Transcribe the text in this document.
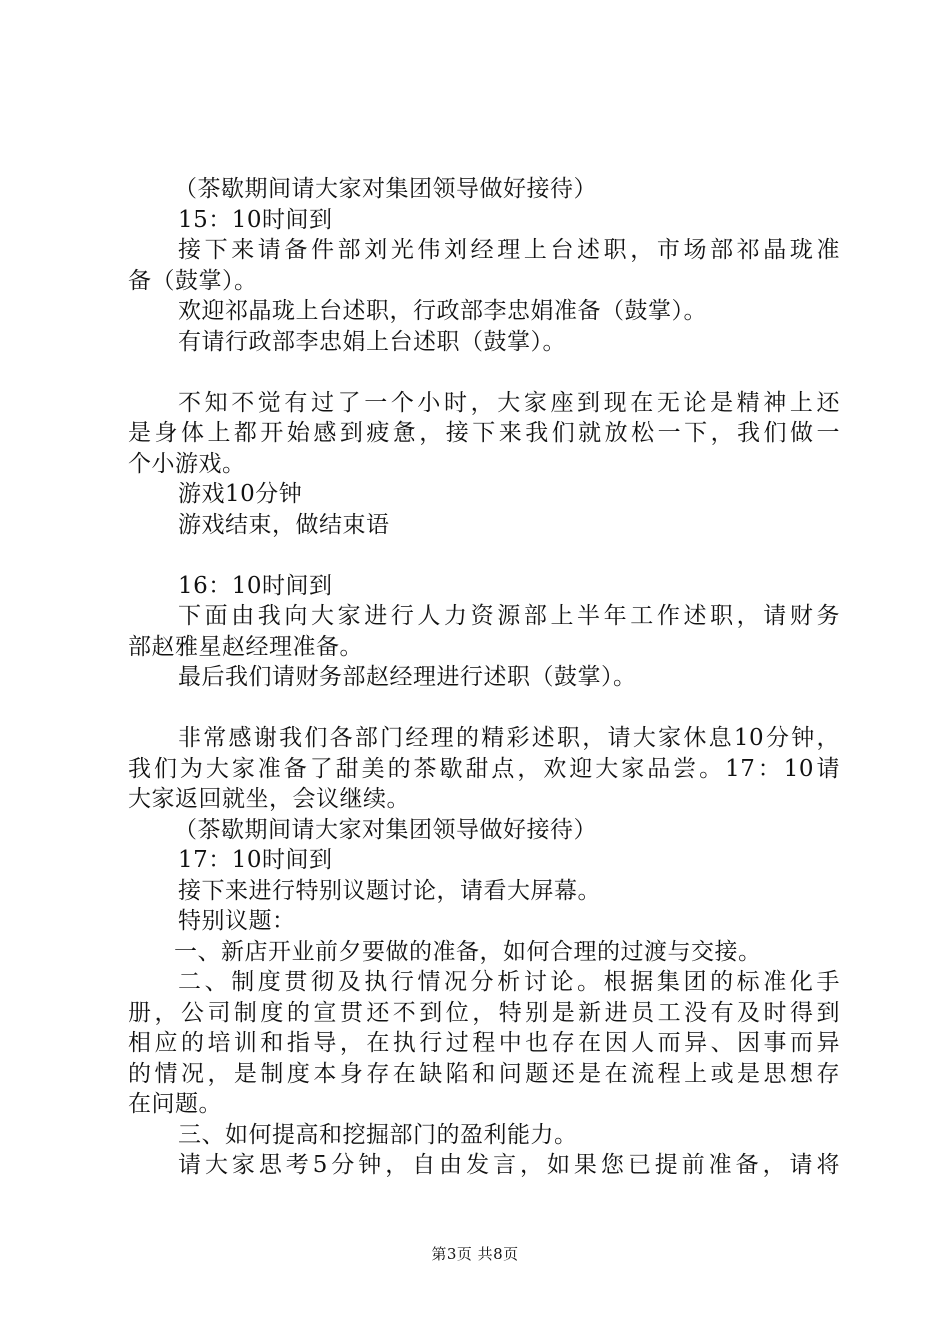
（茶歇期间请大家对集团领导做好接待）
15：10时间到
接下来请备件部刘光伟刘经理上台述职，市场部祁晶珑准
备（鼓掌）。
欢迎祁晶珑上台述职，行政部李忠娟准备（鼓掌）。
有请行政部李忠娟上台述职（鼓掌）。
不知不觉有过了一个小时，大家座到现在无论是精神上还
是身体上都开始感到疲惫，接下来我们就放松一下，我们做一
个小游戏。
游戏10分钟
游戏结束，做结束语
16：10时间到
下面由我向大家进行人力资源部上半年工作述职，请财务
部赵雅星赵经理准备。
最后我们请财务部赵经理进行述职（鼓掌）。
非常感谢我们各部门经理的精彩述职，请大家休息10分钟，
我们为大家准备了甜美的茶歇甜点，欢迎大家品尝。17：10请
大家返回就坐，会议继续。
（茶歇期间请大家对集团领导做好接待）
17：10时间到
接下来进行特别议题讨论，请看大屏幕。
特别议题：
一、新店开业前夕要做的准备，如何合理的过渡与交接。
二、制度贯彻及执行情况分析讨论。根据集团的标准化手
册，公司制度的宣贯还不到位，特别是新进员工没有及时得到
相应的培训和指导，在执行过程中也存在因人而异、因事而异
的情况，是制度本身存在缺陷和问题还是在流程上或是思想存
在问题。
三、如何提高和挖掘部门的盈利能力。
请大家思考5分钟，自由发言，如果您已提前准备，请将
第3页 共8页
